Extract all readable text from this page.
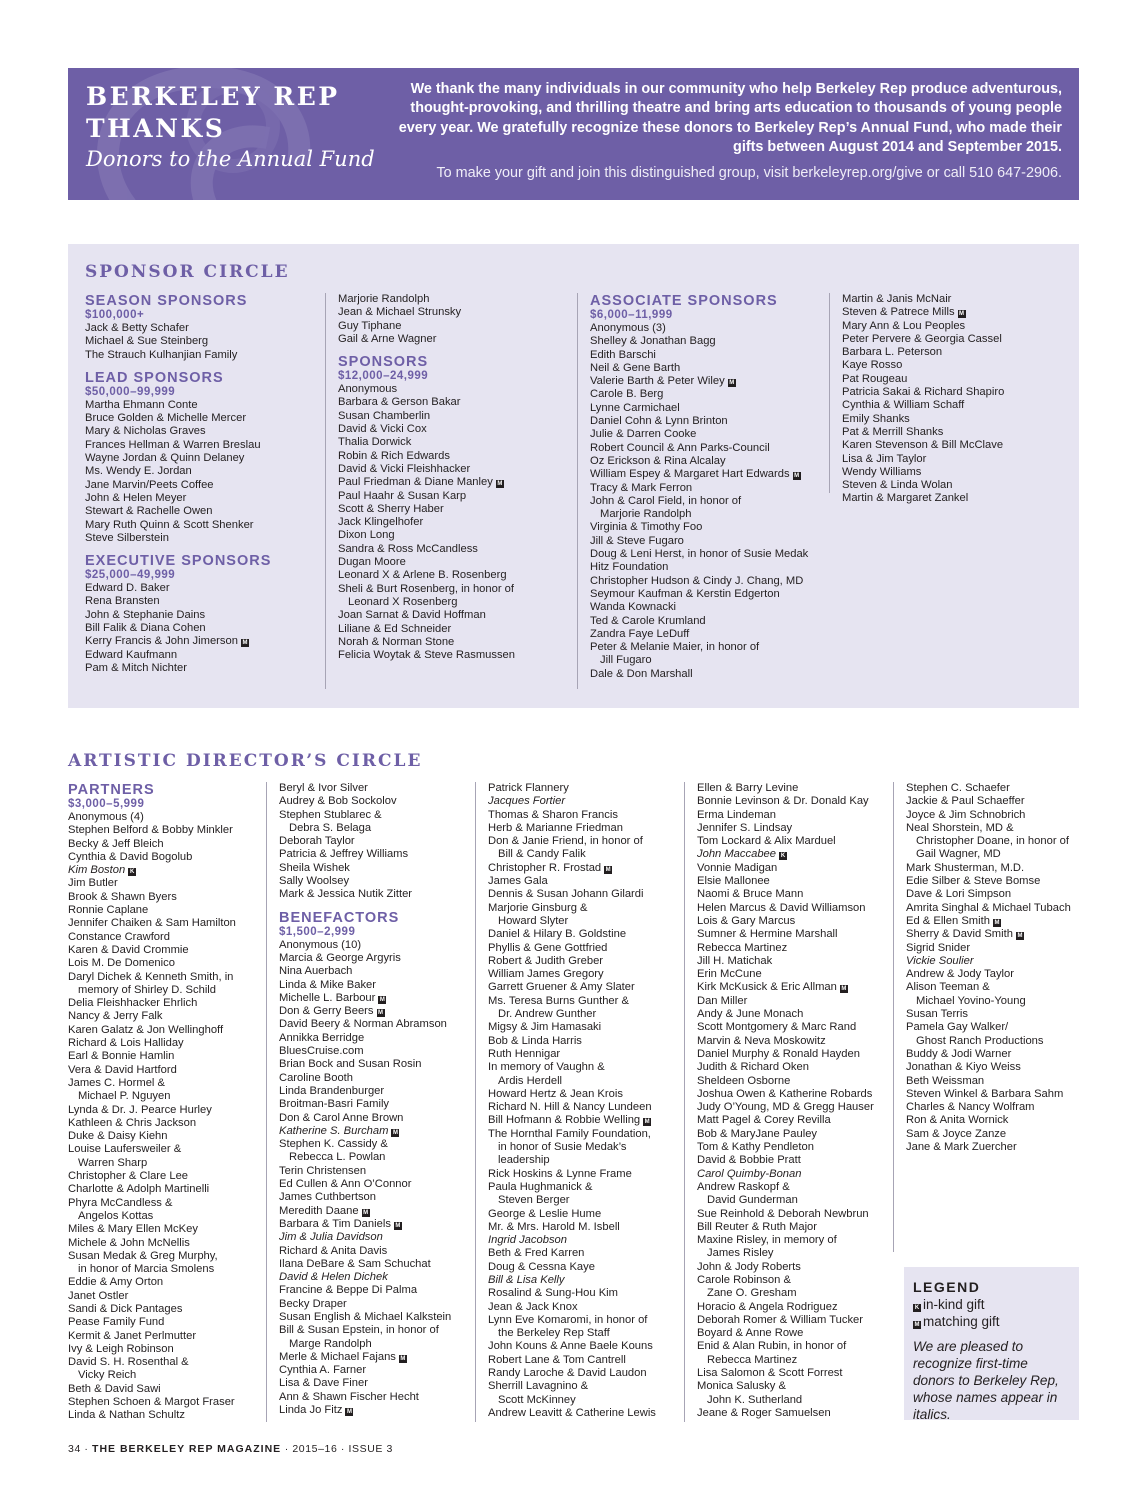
BERKELEY REP
THANKS
Donors to the Annual Fund
We thank the many individuals in our community who help Berkeley Rep produce adventurous, thought-provoking, and thrilling theatre and bring arts education to thousands of young people every year. We gratefully recognize these donors to Berkeley Rep’s Annual Fund, who made their gifts between August 2014 and September 2015.
To make your gift and join this distinguished group, visit berkeleyrep.org/give or call 510 647-2906.
SPONSOR CIRCLE
SEASON SPONSORS
$100,000+
Jack & Betty Schafer
Michael & Sue Steinberg
The Strauch Kulhanjian Family
LEAD SPONSORS
$50,000–99,999
Martha Ehmann Conte
Bruce Golden & Michelle Mercer
Mary & Nicholas Graves
Frances Hellman & Warren Breslau
Wayne Jordan & Quinn Delaney
Ms. Wendy E. Jordan
Jane Marvin/Peets Coffee
John & Helen Meyer
Stewart & Rachelle Owen
Mary Ruth Quinn & Scott Shenker
Steve Silberstein
EXECUTIVE SPONSORS
$25,000–49,999
Edward D. Baker
Rena Bransten
John & Stephanie Dains
Bill Falik & Diana Cohen
Kerry Francis & John Jimerson M
Edward Kaufmann
Pam & Mitch Nichter
Marjorie Randolph
Jean & Michael Strunsky
Guy Tiphane
Gail & Arne Wagner
SPONSORS
$12,000–24,999
Anonymous
Barbara & Gerson Bakar
Susan Chamberlin
David & Vicki Cox
Thalia Dorwick
Robin & Rich Edwards
David & Vicki Fleishhacker
Paul Friedman & Diane Manley M
Paul Haahr & Susan Karp
Scott & Sherry Haber
Jack Klingelhofer
Dixon Long
Sandra & Ross McCandless
Dugan Moore
Leonard X & Arlene B. Rosenberg
Sheli & Burt Rosenberg, in honor of
Leonard X Rosenberg
Joan Sarnat & David Hoffman
Liliane & Ed Schneider
Norah & Norman Stone
Felicia Woytak & Steve Rasmussen
ASSOCIATE SPONSORS
$6,000–11,999
Anonymous (3)
Shelley & Jonathan Bagg
Edith Barschi
Neil & Gene Barth
Valerie Barth & Peter Wiley M
Carole B. Berg
Lynne Carmichael
Daniel Cohn & Lynn Brinton
Julie & Darren Cooke
Robert Council & Ann Parks-Council
Oz Erickson & Rina Alcalay
William Espey & Margaret Hart Edwards M
Tracy & Mark Ferron
John & Carol Field, in honor of
Marjorie Randolph
Virginia & Timothy Foo
Jill & Steve Fugaro
Doug & Leni Herst, in honor of Susie Medak
Hitz Foundation
Christopher Hudson & Cindy J. Chang, MD
Seymour Kaufman & Kerstin Edgerton
Wanda Kownacki
Ted & Carole Krumland
Zandra Faye LeDuff
Peter & Melanie Maier, in honor of
Jill Fugaro
Dale & Don Marshall
Martin & Janis McNair
Steven & Patrece Mills M
Mary Ann & Lou Peoples
Peter Pervere & Georgia Cassel
Barbara L. Peterson
Kaye Rosso
Pat Rougeau
Patricia Sakai & Richard Shapiro
Cynthia & William Schaff
Emily Shanks
Pat & Merrill Shanks
Karen Stevenson & Bill McClave
Lisa & Jim Taylor
Wendy Williams
Steven & Linda Wolan
Martin & Margaret Zankel
ARTISTIC DIRECTOR’S CIRCLE
PARTNERS
$3,000–5,999
Anonymous (4)
Stephen Belford & Bobby Minkler
Becky & Jeff Bleich
Cynthia & David Bogolub
Kim Boston K
Jim Butler
Brook & Shawn Byers
Ronnie Caplane
Jennifer Chaiken & Sam Hamilton
Constance Crawford
Karen & David Crommie
Lois M. De Domenico
Daryl Dichek & Kenneth Smith, in
memory of Shirley D. Schild
Delia Fleishhacker Ehrlich
Nancy & Jerry Falk
Karen Galatz & Jon Wellinghoff
Richard & Lois Halliday
Earl & Bonnie Hamlin
Vera & David Hartford
James C. Hormel &
Michael P. Nguyen
Lynda & Dr. J. Pearce Hurley
Kathleen & Chris Jackson
Duke & Daisy Kiehn
Louise Laufersweiler &
Warren Sharp
Christopher & Clare Lee
Charlotte & Adolph Martinelli
Phyra McCandless &
Angelos Kottas
Miles & Mary Ellen McKey
Michele & John McNellis
Susan Medak & Greg Murphy,
in honor of Marcia Smolens
Eddie & Amy Orton
Janet Ostler
Sandi & Dick Pantages
Pease Family Fund
Kermit & Janet Perlmutter
Ivy & Leigh Robinson
David S. H. Rosenthal &
Vicky Reich
Beth & David Sawi
Stephen Schoen & Margot Fraser
Linda & Nathan Schultz
Beryl & Ivor Silver
Audrey & Bob Sockolov
Stephen Stublarec &
Debra S. Belaga
Deborah Taylor
Patricia & Jeffrey Williams
Sheila Wishek
Sally Woolsey
Mark & Jessica Nutik Zitter
BENEFACTORS
$1,500–2,999
Anonymous (10)
Marcia & George Argyris
Nina Auerbach
Linda & Mike Baker
Michelle L. Barbour M
Don & Gerry Beers M
David Beery & Norman Abramson
Annikka Berridge
BluesCruise.com
Brian Bock and Susan Rosin
Caroline Booth
Linda Brandenburger
Broitman-Basri Family
Don & Carol Anne Brown
Katherine S. Burcham M
Stephen K. Cassidy &
Rebecca L. Powlan
Terin Christensen
Ed Cullen & Ann O’Connor
James Cuthbertson
Meredith Daane M
Barbara & Tim Daniels M
Jim & Julia Davidson
Richard & Anita Davis
Ilana DeBare & Sam Schuchat
David & Helen Dichek
Francine & Beppe Di Palma
Becky Draper
Susan English & Michael Kalkstein
Bill & Susan Epstein, in honor of
Marge Randolph
Merle & Michael Fajans M
Cynthia A. Farner
Lisa & Dave Finer
Ann & Shawn Fischer Hecht
Linda Jo Fitz M
Patrick Flannery
Jacques Fortier
Thomas & Sharon Francis
Herb & Marianne Friedman
Don & Janie Friend, in honor of
Bill & Candy Falik
Christopher R. Frostad M
James Gala
Dennis & Susan Johann Gilardi
Marjorie Ginsburg &
Howard Slyter
Daniel & Hilary B. Goldstine
Phyllis & Gene Gottfried
Robert & Judith Greber
William James Gregory
Garrett Gruener & Amy Slater
Ms. Teresa Burns Gunther &
Dr. Andrew Gunther
Migsy & Jim Hamasaki
Bob & Linda Harris
Ruth Hennigar
In memory of Vaughn &
Ardis Herdell
Howard Hertz & Jean Krois
Richard N. Hill & Nancy Lundeen
Bill Hofmann & Robbie Welling M
The Hornthal Family Foundation,
in honor of Susie Medak’s
leadership
Rick Hoskins & Lynne Frame
Paula Hughmanick &
Steven Berger
George & Leslie Hume
Mr. & Mrs. Harold M. Isbell
Ingrid Jacobson
Beth & Fred Karren
Doug & Cessna Kaye
Bill & Lisa Kelly
Rosalind & Sung-Hou Kim
Jean & Jack Knox
Lynn Eve Komaromi, in honor of
the Berkeley Rep Staff
John Kouns & Anne Baele Kouns
Robert Lane & Tom Cantrell
Randy Laroche & David Laudon
Sherrill Lavagnino &
Scott McKinney
Andrew Leavitt & Catherine Lewis
Ellen & Barry Levine
Bonnie Levinson & Dr. Donald Kay
Erma Lindeman
Jennifer S. Lindsay
Tom Lockard & Alix Marduel
John Maccabee K
Vonnie Madigan
Elsie Mallonee
Naomi & Bruce Mann
Helen Marcus & David Williamson
Lois & Gary Marcus
Sumner & Hermine Marshall
Rebecca Martinez
Jill H. Matichak
Erin McCune
Kirk McKusick & Eric Allman M
Dan Miller
Andy & June Monach
Scott Montgomery & Marc Rand
Marvin & Neva Moskowitz
Daniel Murphy & Ronald Hayden
Judith & Richard Oken
Sheldeen Osborne
Joshua Owen & Katherine Robards
Judy O’Young, MD & Gregg Hauser
Matt Pagel & Corey Revilla
Bob & MaryJane Pauley
Tom & Kathy Pendleton
David & Bobbie Pratt
Carol Quimby-Bonan
Andrew Raskopf &
David Gunderman
Sue Reinhold & Deborah Newbrun
Bill Reuter & Ruth Major
Maxine Risley, in memory of
James Risley
John & Jody Roberts
Carole Robinson &
Zane O. Gresham
Horacio & Angela Rodriguez
Deborah Romer & William Tucker
Boyard & Anne Rowe
Enid & Alan Rubin, in honor of
Rebecca Martinez
Lisa Salomon & Scott Forrest
Monica Salusky &
John K. Sutherland
Jeane & Roger Samuelsen
Stephen C. Schaefer
Jackie & Paul Schaeffer
Joyce & Jim Schnobrich
Neal Shorstein, MD &
Christopher Doane, in honor of
Gail Wagner, MD
Mark Shusterman, M.D.
Edie Silber & Steve Bomse
Dave & Lori Simpson
Amrita Singhal & Michael Tubach
Ed & Ellen Smith M
Sherry & David Smith M
Sigrid Snider
Vickie Soulier
Andrew & Jody Taylor
Alison Teeman &
Michael Yovino-Young
Susan Terris
Pamela Gay Walker/
Ghost Ranch Productions
Buddy & Jodi Warner
Jonathan & Kiyo Weiss
Beth Weissman
Steven Winkel & Barbara Sahm
Charles & Nancy Wolfram
Ron & Anita Wornick
Sam & Joyce Zanze
Jane & Mark Zuercher
LEGEND
K in-kind gift
M matching gift
We are pleased to recognize first-time donors to Berkeley Rep, whose names appear in italics.
34 · THE BERKELEY REP MAGAZINE · 2015–16 · ISSUE 3
